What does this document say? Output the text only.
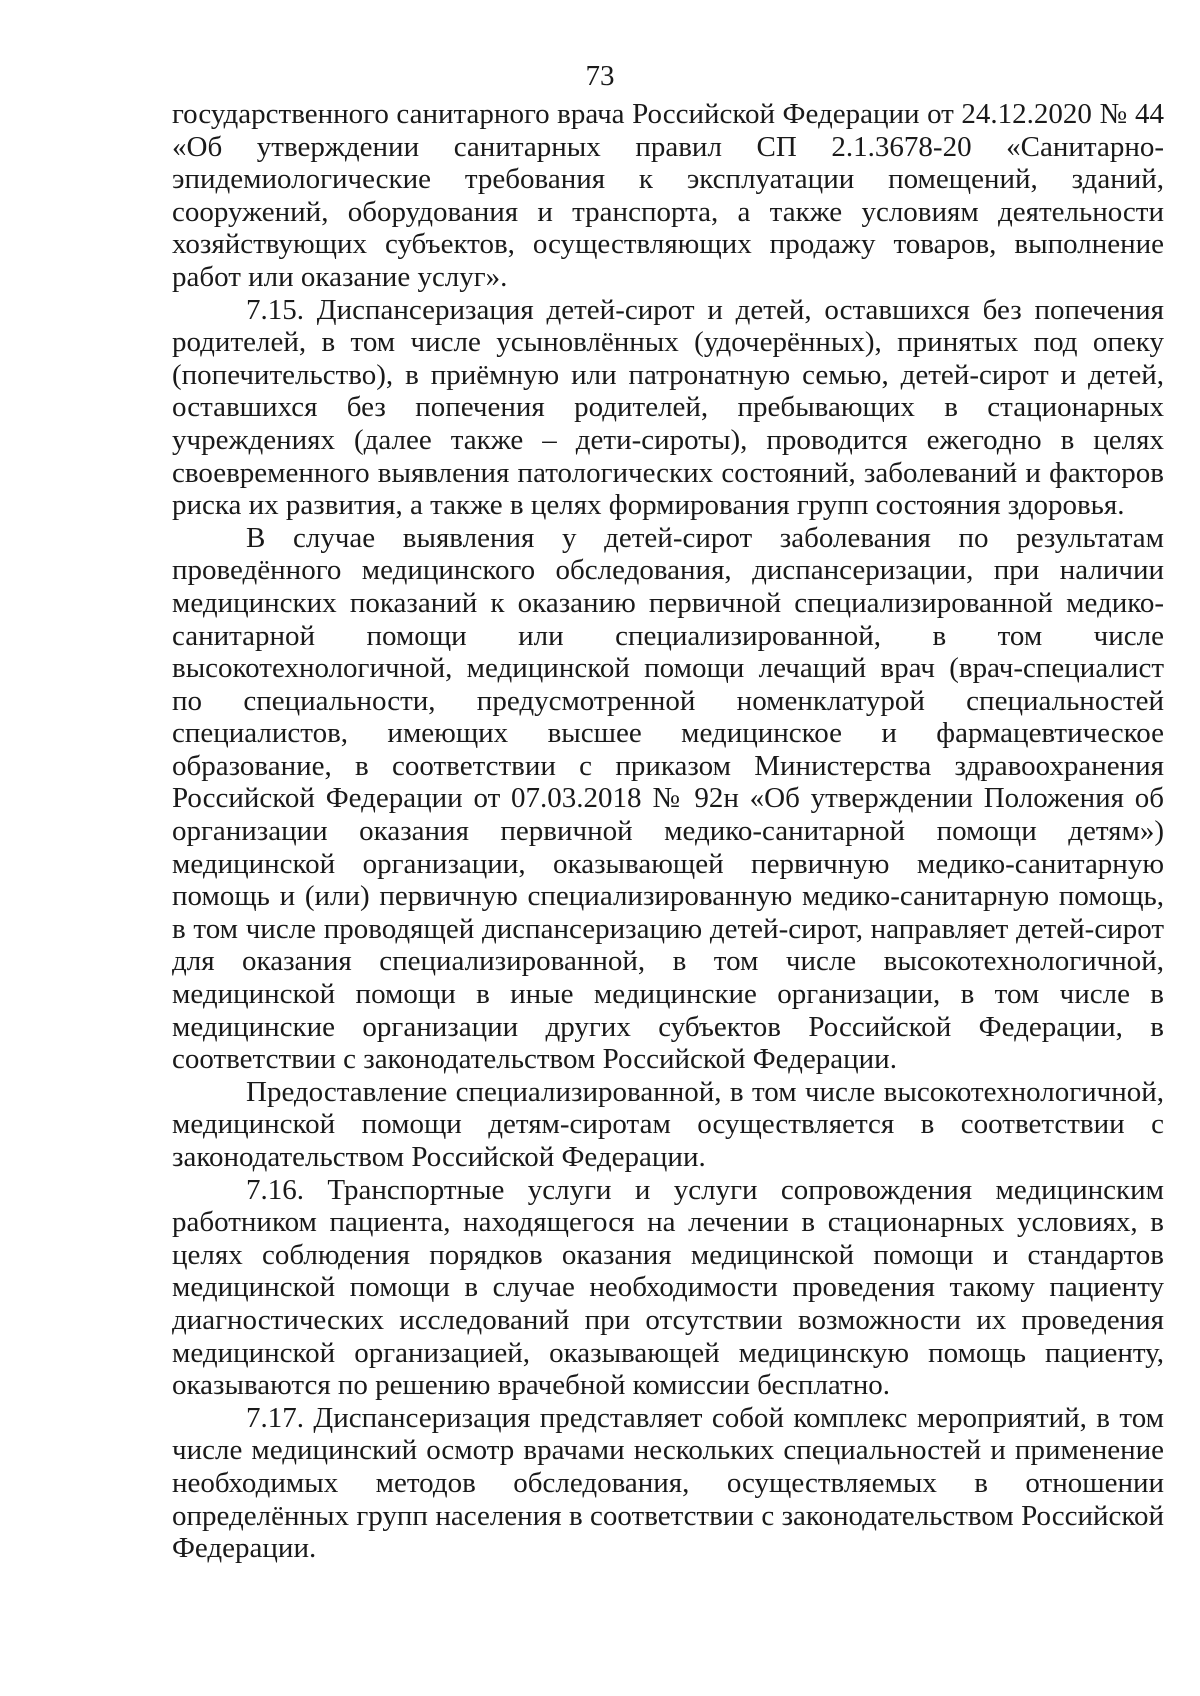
73

государственного санитарного врача Российской Федерации от 24.12.2020 № 44 «Об утверждении санитарных правил СП 2.1.3678-20 «Санитарно-эпидемиологические требования к эксплуатации помещений, зданий, сооружений, оборудования и транспорта, а также условиям деятельности хозяйствующих субъектов, осуществляющих продажу товаров, выполнение работ или оказание услуг».

7.15. Диспансеризация детей-сирот и детей, оставшихся без попечения родителей, в том числе усыновлённых (удочерённых), принятых под опеку (попечительство), в приёмную или патронатную семью, детей-сирот и детей, оставшихся без попечения родителей, пребывающих в стационарных учреждениях (далее также – дети-сироты), проводится ежегодно в целях своевременного выявления патологических состояний, заболеваний и факторов риска их развития, а также в целях формирования групп состояния здоровья.

В случае выявления у детей-сирот заболевания по результатам проведённого медицинского обследования, диспансеризации, при наличии медицинских показаний к оказанию первичной специализированной медико-санитарной помощи или специализированной, в том числе высокотехнологичной, медицинской помощи лечащий врач (врач-специалист по специальности, предусмотренной номенклатурой специальностей специалистов, имеющих высшее медицинское и фармацевтическое образование, в соответствии с приказом Министерства здравоохранения Российской Федерации от 07.03.2018 № 92н «Об утверждении Положения об организации оказания первичной медико-санитарной помощи детям») медицинской организации, оказывающей первичную медико-санитарную помощь и (или) первичную специализированную медико-санитарную помощь, в том числе проводящей диспансеризацию детей-сирот, направляет детей-сирот для оказания специализированной, в том числе высокотехнологичной, медицинской помощи в иные медицинские организации, в том числе в медицинские организации других субъектов Российской Федерации, в соответствии с законодательством Российской Федерации.

Предоставление специализированной, в том числе высокотехнологичной, медицинской помощи детям-сиротам осуществляется в соответствии с законодательством Российской Федерации.

7.16. Транспортные услуги и услуги сопровождения медицинским работником пациента, находящегося на лечении в стационарных условиях, в целях соблюдения порядков оказания медицинской помощи и стандартов медицинской помощи в случае необходимости проведения такому пациенту диагностических исследований при отсутствии возможности их проведения медицинской организацией, оказывающей медицинскую помощь пациенту, оказываются по решению врачебной комиссии бесплатно.

7.17. Диспансеризация представляет собой комплекс мероприятий, в том числе медицинский осмотр врачами нескольких специальностей и применение необходимых методов обследования, осуществляемых в отношении определённых групп населения в соответствии с законодательством Российской Федерации.
